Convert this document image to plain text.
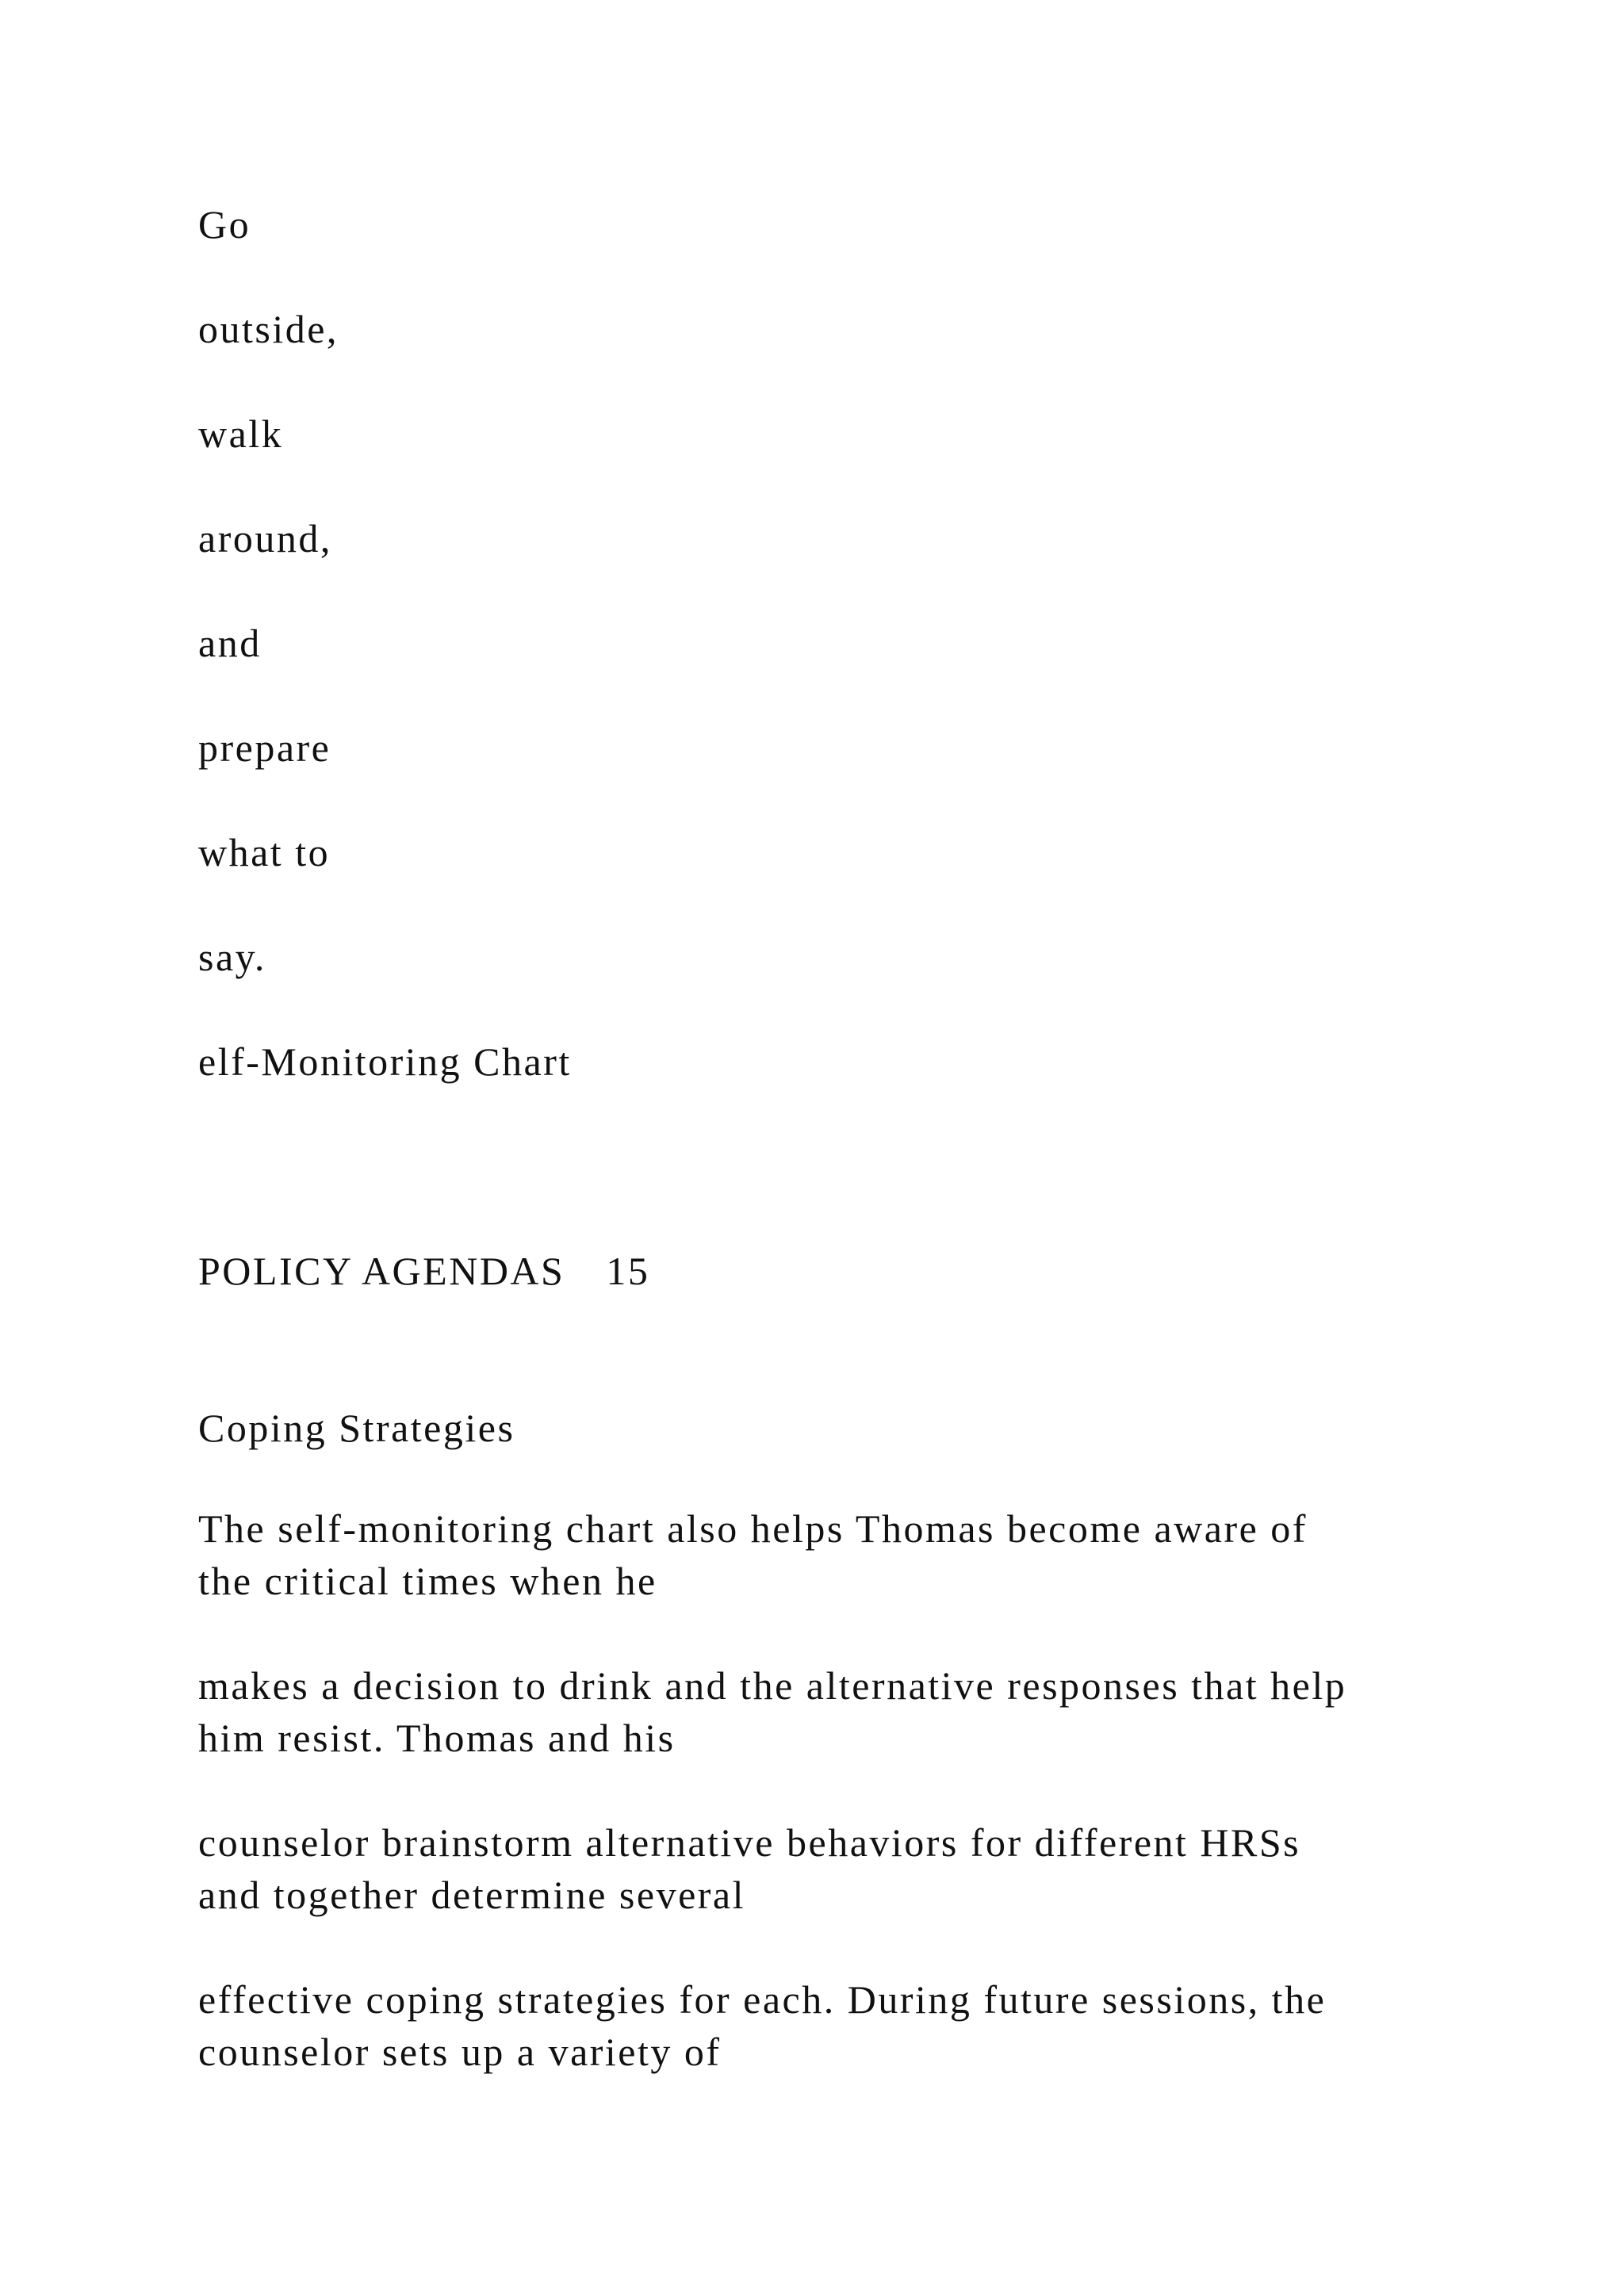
Go
outside,
walk
around,
and
prepare
what to
say.
elf-Monitoring Chart
POLICY AGENDAS 15
Coping Strategies
The self-monitoring chart also helps Thomas become aware of
the critical times when he
makes a decision to drink and the alternative responses that help
him resist. Thomas and his
counselor brainstorm alternative behaviors for different HRSs
and together determine several
effective coping strategies for each. During future sessions, the
counselor sets up a variety of
